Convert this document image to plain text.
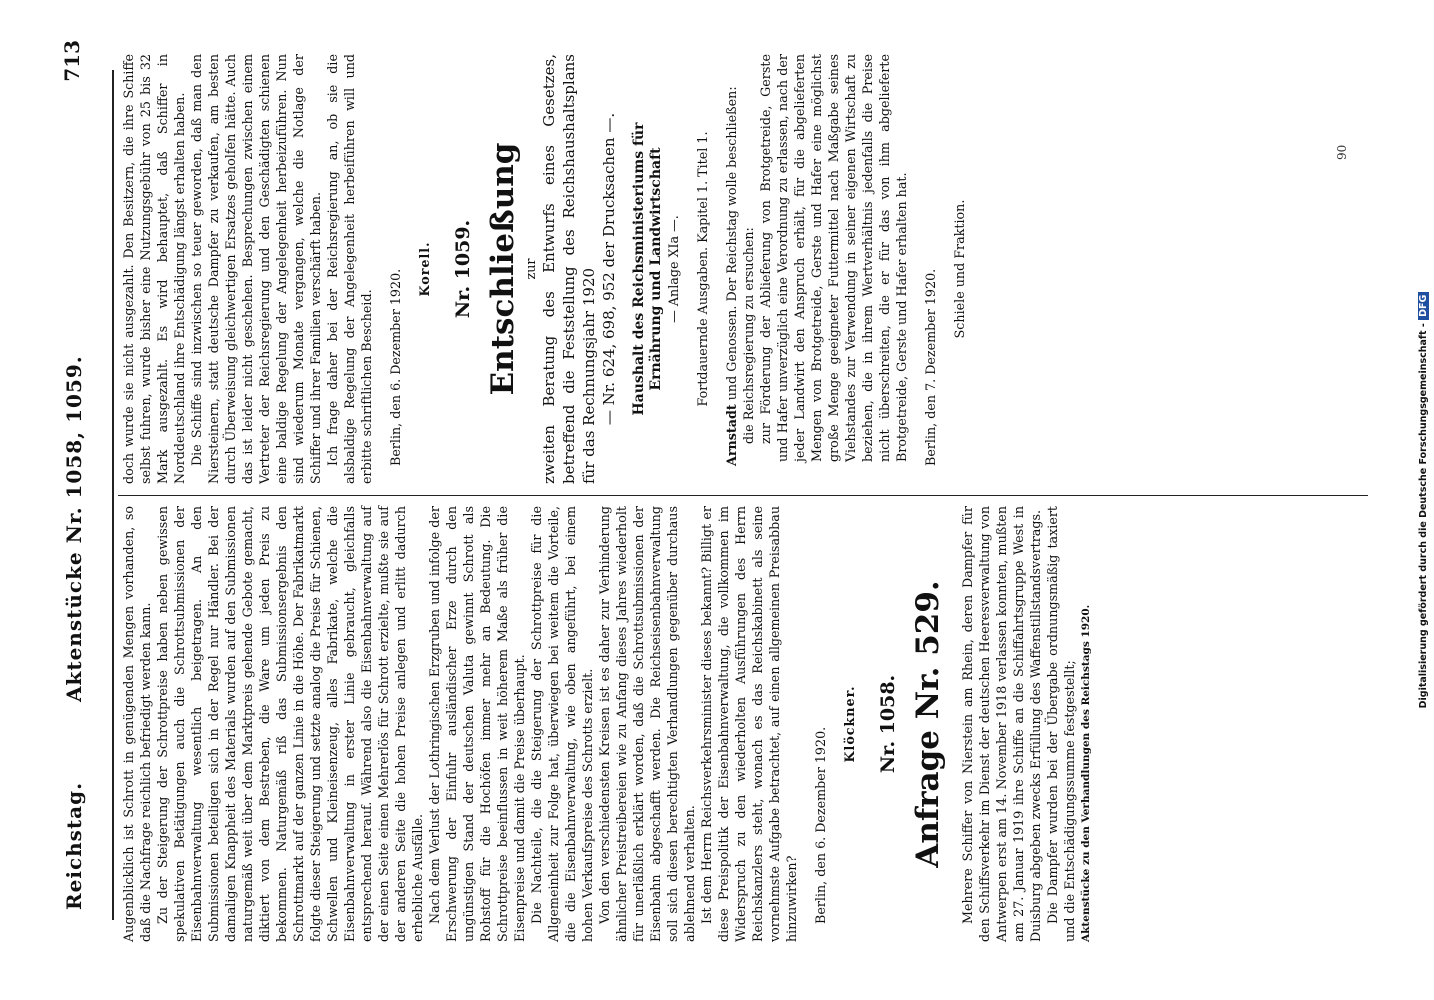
Reichstag. Aktenstücke Nr. 1058, 1059.
713

Augenblicklich ist Schrott in genügenden Mengen vorhanden, so daß die Nachfrage reichlich befriedigt werden kann. Zu der Steigerung der Schrottpreise haben neben gewissen spekulativen Betätigungen auch die Schrottsubmissionen der Eisenbahnverwaltung wesentlich beigetragen. An den Submissionen beteiligen sich in der Regel nur Händler. Bei der damaligen Knappheit des Materials wurden auf den Submissionen naturgemäß weit über dem Marktpreis gehende Gebote gemacht, diktiert von dem Bestreben, die Ware um jeden Preis zu bekommen. Naturgemäß riß das Submissionsergebnis den Schrottmarkt auf der ganzen Linie in die Höhe. Der Fabrikatmarkt folgte dieser Steigerung und setzte analog die Preise für Schienen, Schwellen und Kleineisenzeug, alles Fabrikate, welche die Eisenbahnverwaltung in erster Linie gebraucht, gleichfalls entsprechend herauf. Während also die Eisenbahnverwaltung auf der einen Seite einen Mehrerlös für Schrott erzielte, mußte sie auf der anderen Seite die hohen Preise anlegen und erlitt dadurch erhebliche Ausfälle. Nach dem Verlust der Lothringischen Erzgruben und infolge der Erschwerung der Einfuhr ausländischer Erze durch den ungünstigen Stand der deutschen Valuta gewinnt Schrott als Rohstoff für die Hochöfen immer mehr an Bedeutung. Die Schrottpreise beeinflussen in weit höherem Maße als früher die Eisenpreise und damit die Preise überhaupt. Die Nachteile, die die Steigerung der Schrottpreise für die Allgemeinheit zur Folge hat, überwiegen bei weitem die Vorteile, die die Eisenbahnverwaltung, wie oben angeführt, bei einem hohen Verkaufspreise des Schrotts erzielt. Von den verschiedensten Kreisen ist es daher zur Verhinderung ähnlicher Preistreibereien wie zu Anfang dieses Jahres wiederholt für unerläßlich erklärt worden, daß die Schrottsubmissionen der Eisenbahn abgeschafft werden. Die Reichseisenbahnverwaltung soll sich diesen berechtigten Verhandlungen gegenüber durchaus ablehnend verhalten. Ist dem Herrn Reichsverkehrsminister dieses bekannt? Billigt er diese Preispolitik der Eisenbahnverwaltung, die vollkommen im Widerspruch zu den wiederholten Ausführungen des Herrn Reichskanzlers steht, wonach es das Reichskabinett als seine vornehmste Aufgabe betrachtet, auf einen allgemeinen Preisabbau hinzuwirken? Berlin, den 6. Dezember 1920.

Klöckner. Nr. 1058. Anfrage Nr. 529. Mehrere Schiffer von Nierstein am Rhein, deren Dampfer für den Schiffsverkehr im Dienst der deutschen Heeresverwaltung von Antwerpen erst am 14. November 1918 verlassen konnten, mußten am 27. Januar 1919 ihre Schiffe an die Schiffahrtsgruppe West in Duisburg abgeben zwecks Erfüllung des Waffenstillstandsvertrags. Die Dampfer wurden bei der Übergabe ordnungsmäßig taxiert und die Entschädigungssumme festgestellt; Aktenstücke zu den Verhandlungen des Reichstags 1920.

doch wurde sie nicht ausgezahlt. Den Besitzern, die ihre Schiffe selbst fuhren, wurde bisher eine Nutzungsgebühr von 25 bis 32 Mark ausgezahlt. Es wird behauptet, daß Schiffer in Norddeutschland ihre Entschädigung längst erhalten haben. Die Schiffe sind inzwischen so teuer geworden, daß man den Niersteinern, statt deutsche Dampfer zu verkaufen, am besten durch Überweisung gleichwertigen Ersatzes geholfen hätte. Auch das ist leider nicht geschehen. Besprechungen zwischen einem Vertreter der Reichsregierung und den Geschädigten schienen eine baldige Regelung der Angelegenheit herbeizuführen. Nun sind wiederum Monate vergangen, welche die Notlage der Schiffer und ihrer Familien verschärft haben. Ich frage daher bei der Reichsregierung an, ob sie die alsbaldige Regelung der Angelegenheit herbeiführen will und erbitte schriftlichen Bescheid. Berlin, den 6. Dezember 1920. Korell. Nr. 1059. Entschließung zur zweiten Beratung des Entwurfs eines Gesetzes, betreffend die Feststellung des Reichshaushaltsplans für das Rechnungsjahr 1920 — Nr. 624, 698, 952 der Drucksachen —. Haushalt des Reichsministeriums für Ernährung und Landwirtschaft — Anlage XIa —. Fortdauernde Ausgaben. Kapitel 1. Titel 1.

Arnstadt und Genossen. Der Reichstag wolle beschließen: die Reichsregierung zu ersuchen: zur Förderung der Ablieferung von Brotgetreide, Gerste und Hafer unverzüglich eine Verordnung zu erlassen, nach der jeder Landwirt den Anspruch erhält, für die abgelieferten Mengen von Brotgetreide, Gerste und Hafer eine möglichst große Menge geeigneter Futtermittel nach Maßgabe seines Viehstandes zur Verwendung in seiner eigenen Wirtschaft zu beziehen, die in ihrem Wertverhältnis jedenfalls die Preise nicht überschreiten, die er für das von ihm abgelieferte Brotgetreide, Gerste und Hafer erhalten hat. Berlin, den 7. Dezember 1920. Schiele und Fraktion.

90
Digitalisierung gefördert durch die Deutsche Forschungsgemeinschaft - DFG
